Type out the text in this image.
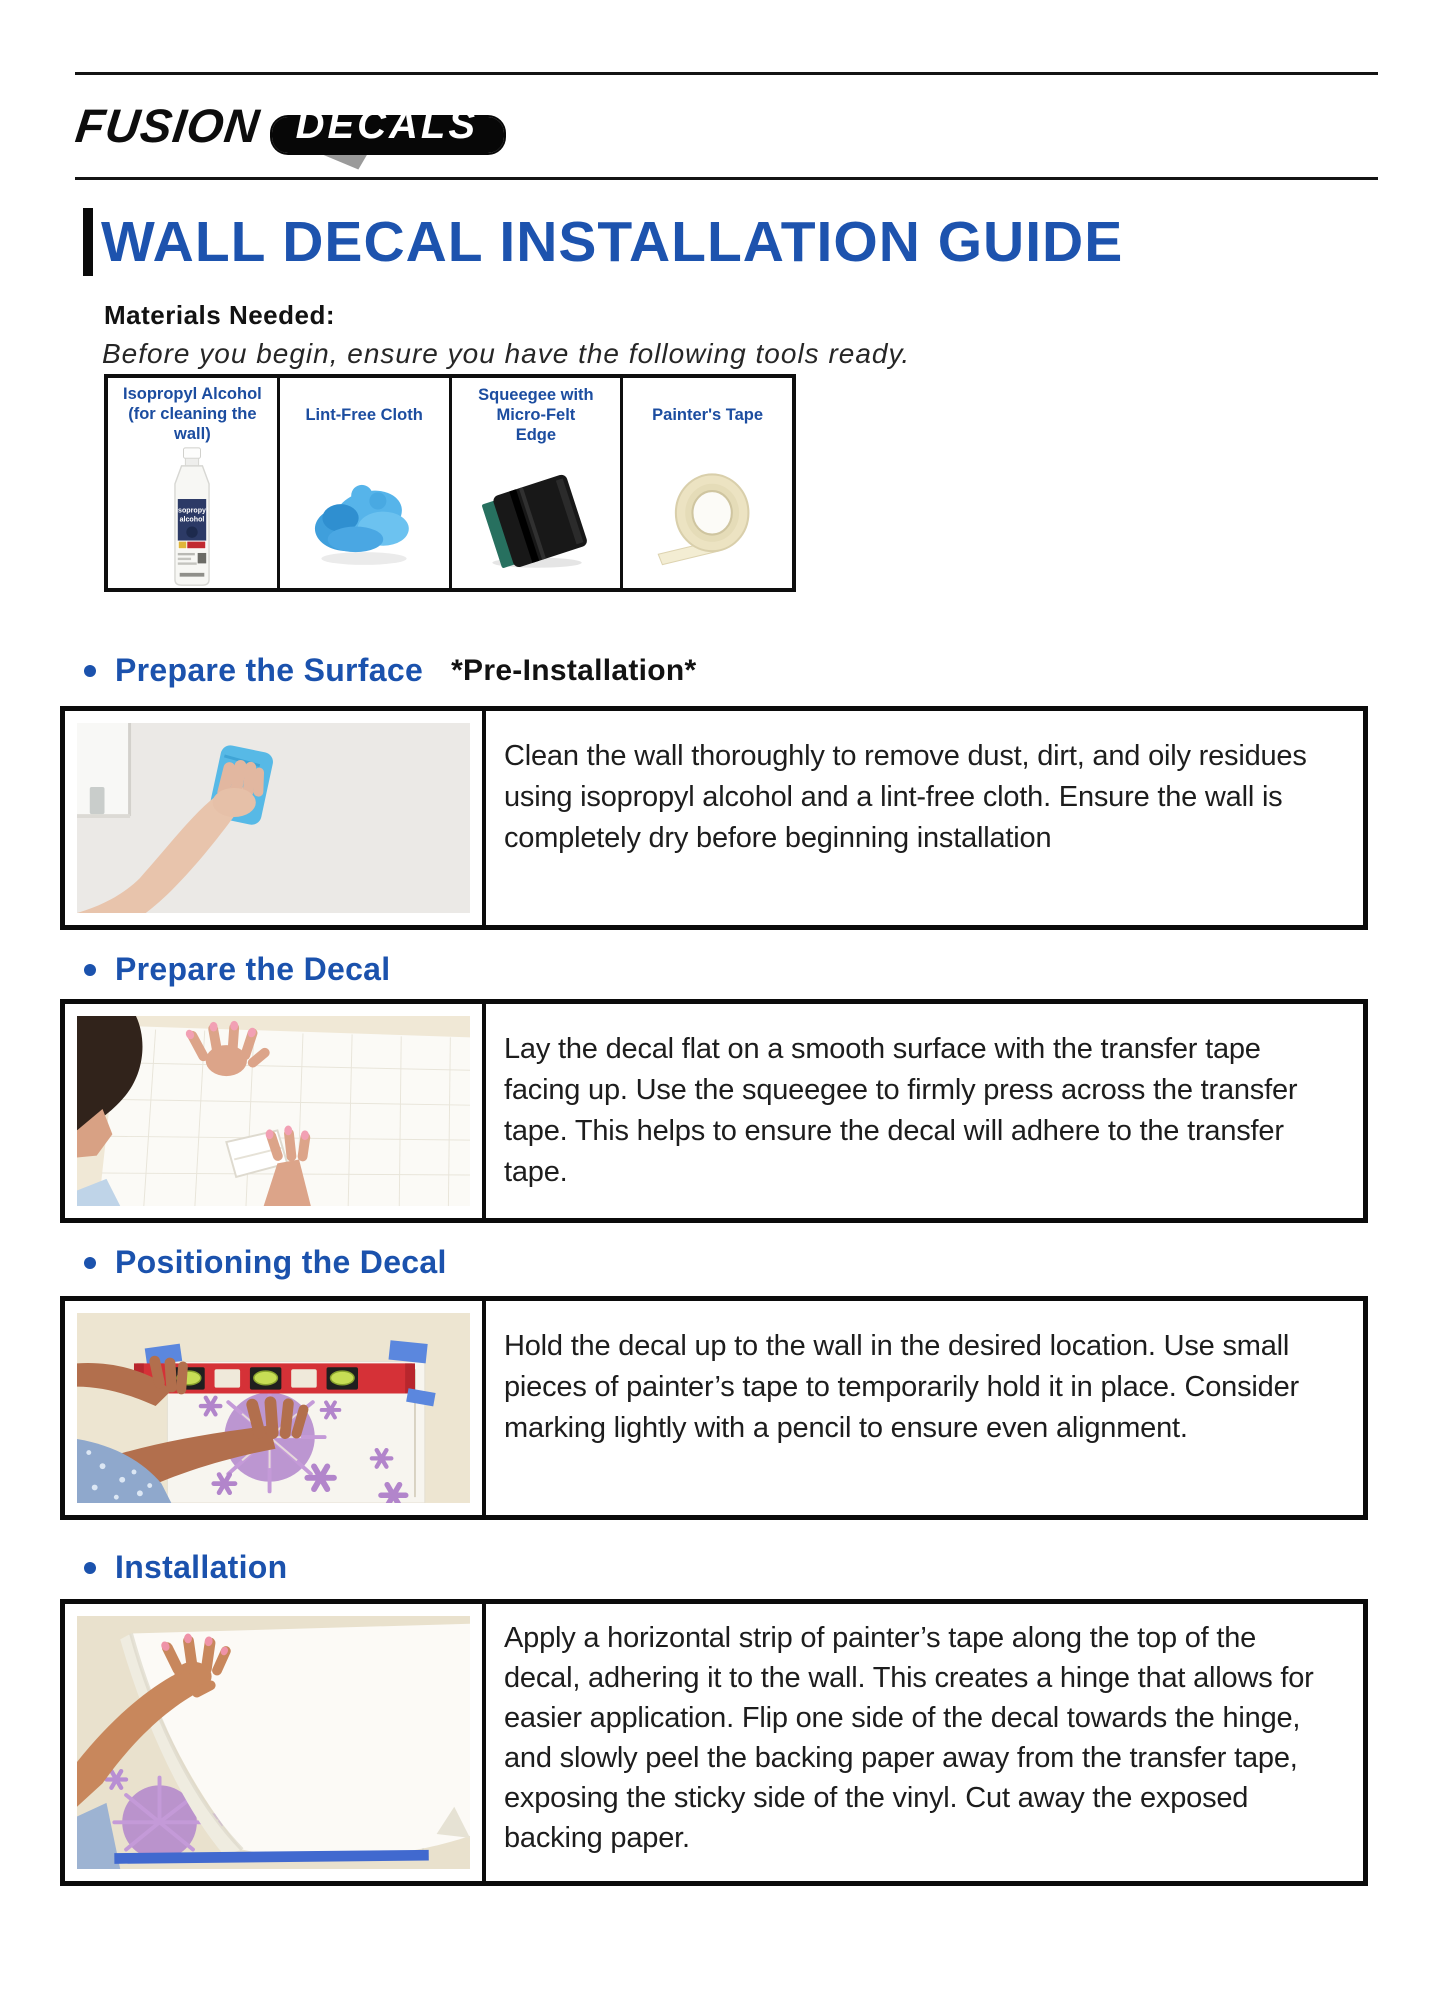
FUSION DECALS
WALL DECAL INSTALLATION GUIDE
Materials Needed:
Before you begin, ensure you have the following tools ready.
Isopropyl Alcohol (for cleaning the wall)
isopropyl
alcohol
Lint-Free Cloth
Squeegee with Micro-Felt Edge
Painter's Tape
Prepare the Surface *Pre-Installation*
Clean the wall thoroughly to remove dust, dirt, and oily residues using isopropyl alcohol and a lint-free cloth. Ensure the wall is completely dry before beginning installation
Prepare the Decal
Lay the decal flat on a smooth surface with the transfer tape facing up. Use the squeegee to firmly press across the transfer tape. This helps to ensure the decal will adhere to the transfer tape.
Positioning the Decal
Hold the decal up to the wall in the desired location. Use small pieces of painter’s tape to temporarily hold it in place. Consider marking lightly with a pencil to ensure even alignment.
Installation
Apply a horizontal strip of painter’s tape along the top of the decal, adhering it to the wall. This creates a hinge that allows for easier application. Flip one side of the decal towards the hinge, and slowly peel the backing paper away from the transfer tape, exposing the sticky side of the vinyl. Cut away the exposed backing paper.
